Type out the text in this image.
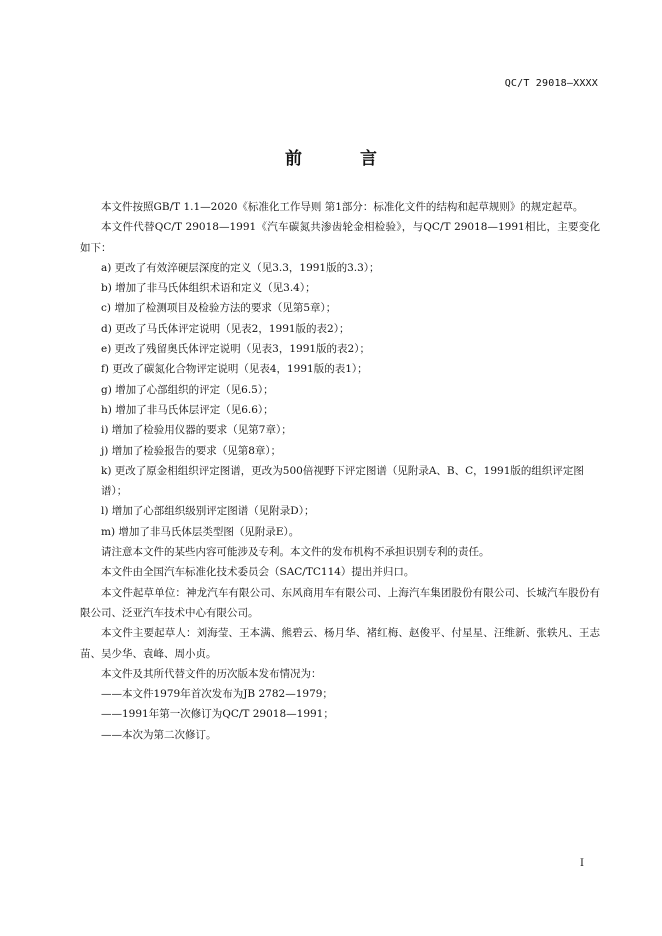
QC/T 29018—XXXX
前 言

本文件按照GB/T 1.1—2020《标准化工作导则 第1部分：标准化文件的结构和起草规则》的规定起草。

本文件代替QC/T 29018—1991《汽车碳氮共渗齿轮金相检验》，与QC/T 29018—1991相比，主要变化如下：

a) 更改了有效淬硬层深度的定义（见3.3，1991版的3.3）；

b) 增加了非马氏体组织术语和定义（见3.4）；

c) 增加了检测项目及检验方法的要求（见第5章）；

d) 更改了马氏体评定说明（见表2，1991版的表2）；

e) 更改了残留奥氏体评定说明（见表3，1991版的表2）；

f) 更改了碳氮化合物评定说明（见表4，1991版的表1）；

g) 增加了心部组织的评定（见6.5）；

h) 增加了非马氏体层评定（见6.6）；

i) 增加了检验用仪器的要求（见第7章）；

j) 增加了检验报告的要求（见第8章）；

k) 更改了原金相组织评定图谱，更改为500倍视野下评定图谱（见附录A、B、C，1991版的组织评定图谱）；

l) 增加了心部组织级别评定图谱（见附录D）；

m) 增加了非马氏体层类型图（见附录E）。

请注意本文件的某些内容可能涉及专利。本文件的发布机构不承担识别专利的责任。

本文件由全国汽车标准化技术委员会（SAC/TC114）提出并归口。

本文件起草单位：神龙汽车有限公司、东风商用车有限公司、上海汽车集团股份有限公司、长城汽车股份有限公司、泛亚汽车技术中心有限公司。

本文件主要起草人：刘海莹、王本满、熊碧云、杨月华、褚红梅、赵俊平、付星星、汪维新、张轶凡、王志苗、吴少华、袁峰、周小贞。

本文件及其所代替文件的历次版本发布情况为：

——本文件1979年首次发布为JB 2782—1979；

——1991年第一次修订为QC/T 29018—1991；

——本次为第二次修订。

I
